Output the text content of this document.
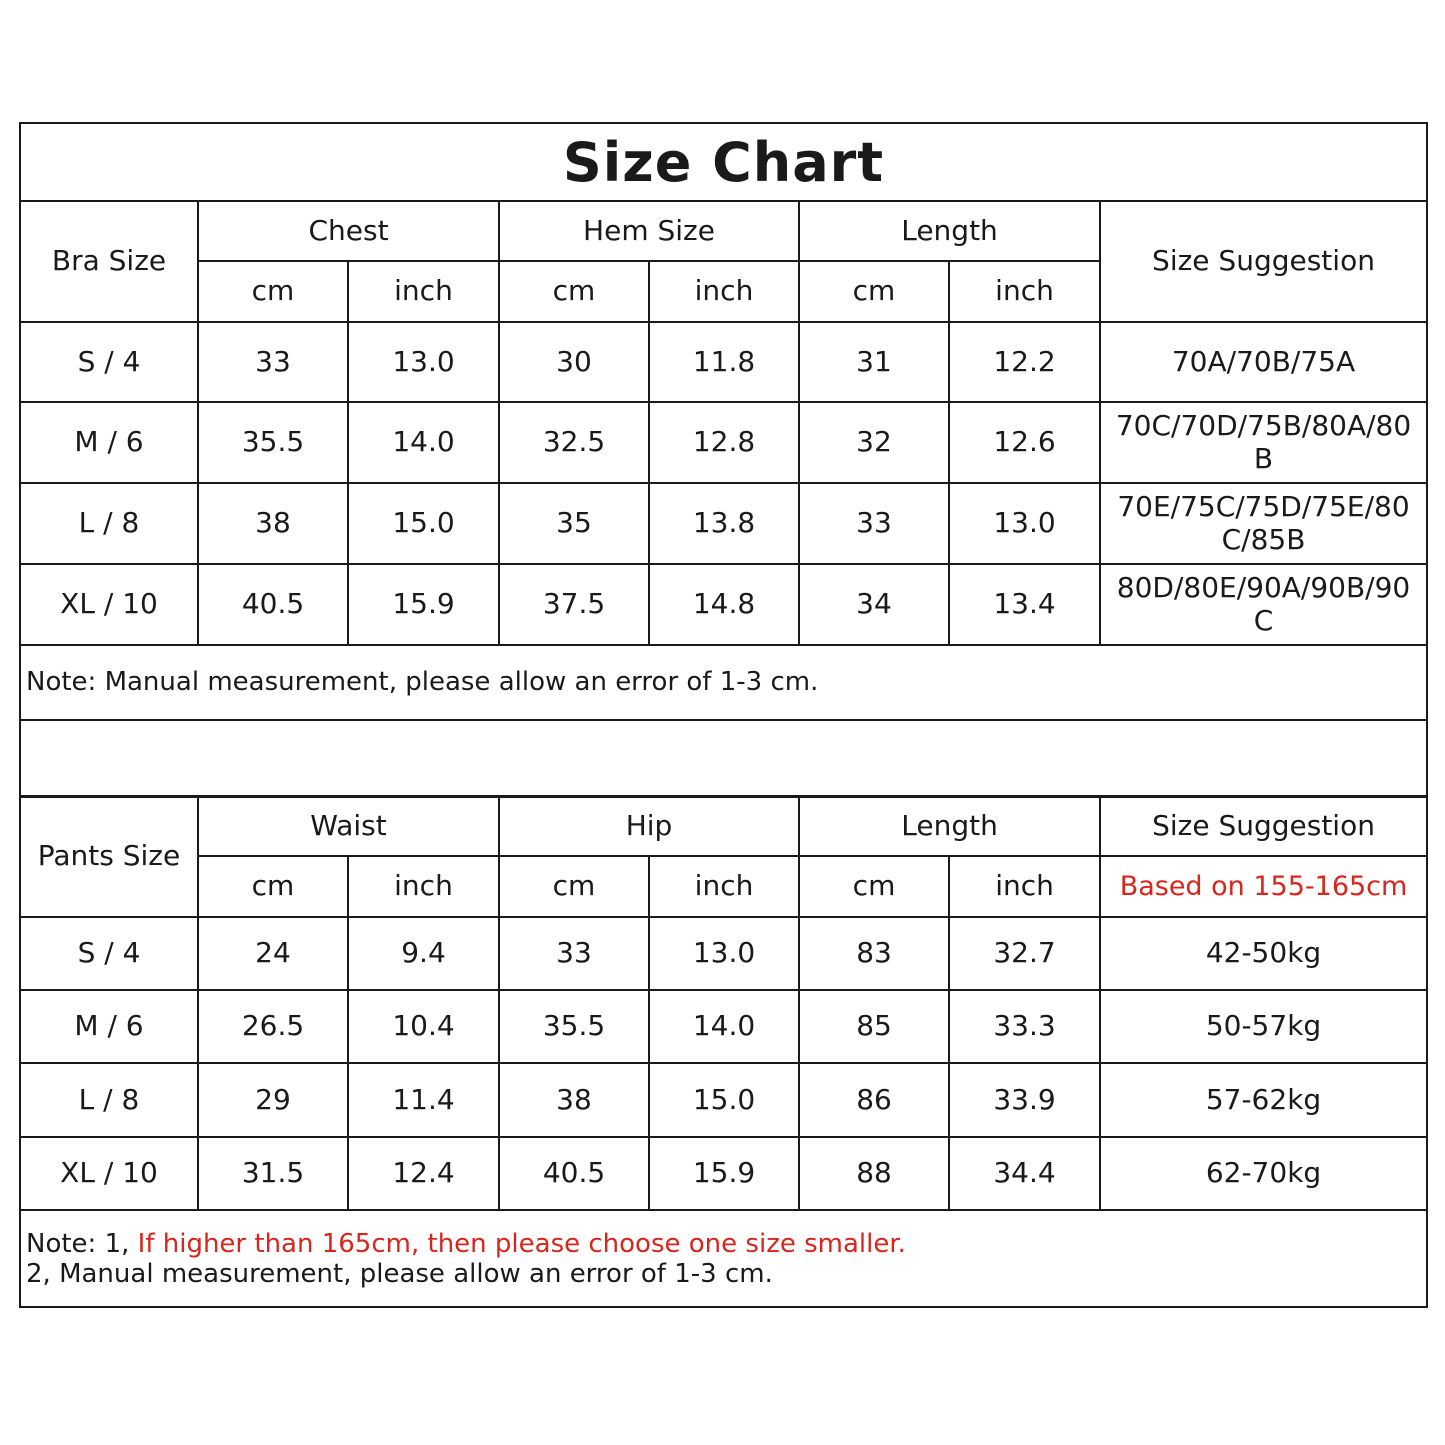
Size Chart
Bra Size	Chest		Hem Size		Length		Size Suggestion
	cm	inch	cm	inch	cm	inch	
S / 4	33	13.0	30	11.8	31	12.2	70A/70B/75A

M / 6	35.5	14.0	32.5	12.8	32	12.6	70C/70D/75B/80A/80B

L / 8	38	15.0	35	13.8	33	13.0	70E/75C/75D/75E/80C/85B

XL / 10	40.5	15.9	37.5	14.8	34	13.4	80D/80E/90A/90B/90C

Note: Manual measurement, please allow an error of 1-3 cm.							

Pants Size	Waist		Hip		Length		Size Suggestion
	cm	inch	cm	inch	cm	inch	Based on 155-165cm
S / 4	24	9.4	33	13.0	83	32.7	42-50kg
M / 6	26.5	10.4	35.5	14.0	85	33.3	50-57kg
L / 8	29	11.4	38	15.0	86	33.9	57-62kg
XL / 10	31.5	12.4	40.5	15.9	88	34.4	62-70kg

Note: 1, If higher than 165cm, then please choose one size smaller.
2, Manual measurement, please allow an error of 1-3 cm.							
